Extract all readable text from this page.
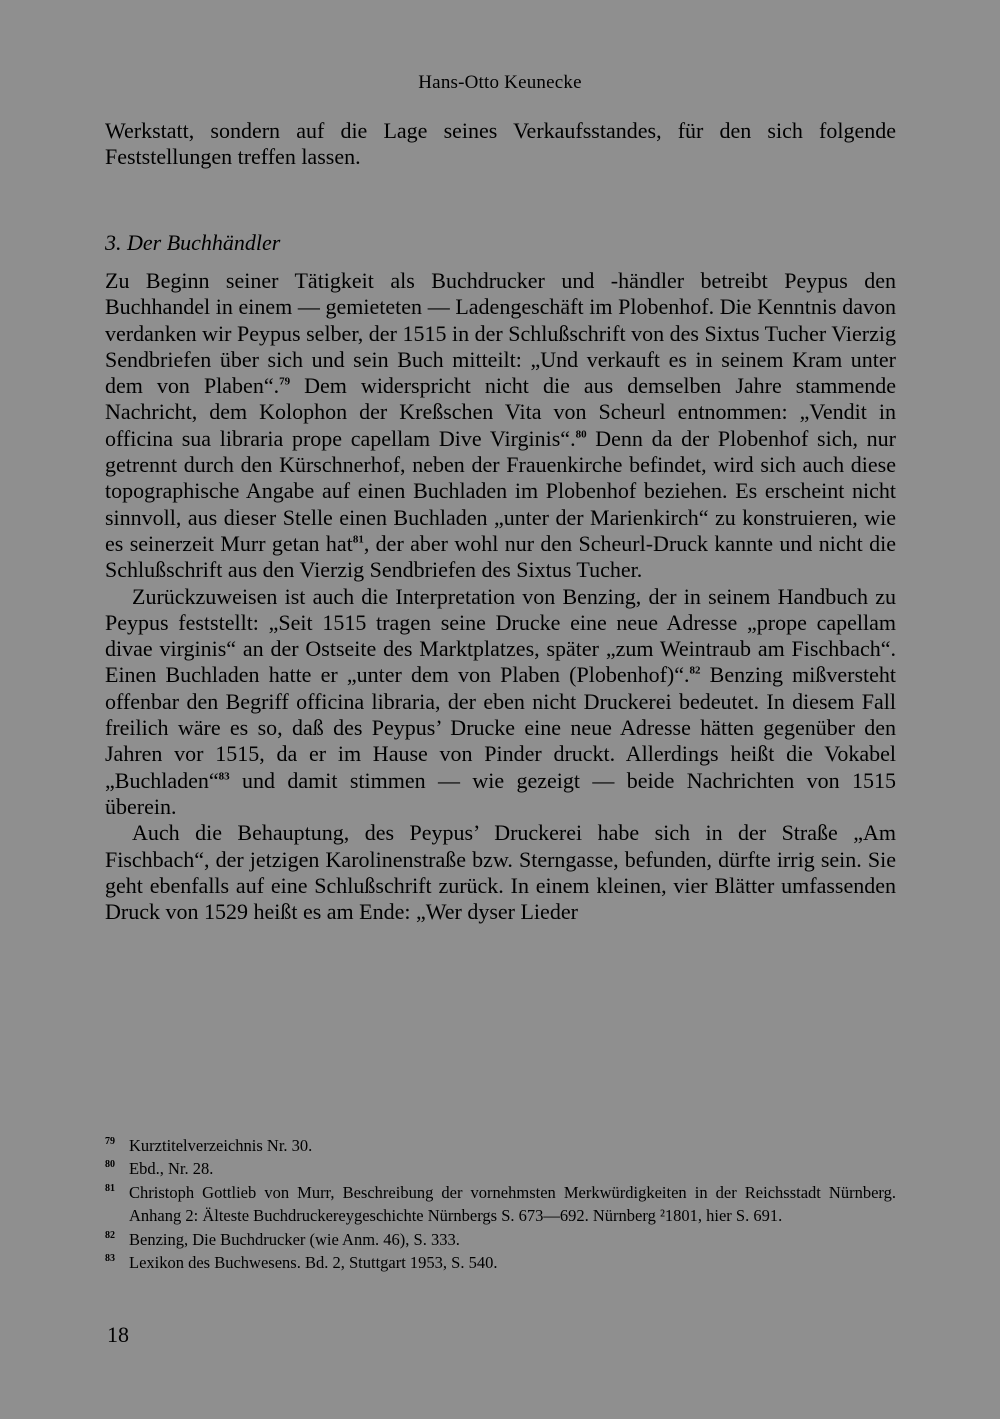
Hans-Otto Keunecke

Werkstatt, sondern auf die Lage seines Verkaufsstandes, für den sich folgende Feststellungen treffen lassen.

3. Der Buchhändler

Zu Beginn seiner Tätigkeit als Buchdrucker und -händler betreibt Peypus den Buchhandel in einem — gemieteten — Ladengeschäft im Plobenhof. Die Kenntnis davon verdanken wir Peypus selber, der 1515 in der Schlußschrift von des Sixtus Tucher Vierzig Sendbriefen über sich und sein Buch mitteilt: „Und verkauft es in seinem Kram unter dem von Plaben“.$^{79}$ Dem widerspricht nicht die aus demselben Jahre stammende Nachricht, dem Kolophon der Kreßschen Vita von Scheurl entnommen: „Vendit in officina sua libraria prope capellam Dive Virginis“.$^{80}$ Denn da der Plobenhof sich, nur getrennt durch den Kürschnerhof, neben der Frauenkirche befindet, wird sich auch diese topographische Angabe auf einen Buchladen im Plobenhof beziehen. Es erscheint nicht sinnvoll, aus dieser Stelle einen Buchladen „unter der Marienkirch“ zu konstruieren, wie es seinerzeit Murr getan hat$^{81}$, der aber wohl nur den Scheurl-Druck kannte und nicht die Schlußschrift aus den Vierzig Sendbriefen des Sixtus Tucher.

Zurückzuweisen ist auch die Interpretation von Benzing, der in seinem Handbuch zu Peypus feststellt: „Seit 1515 tragen seine Drucke eine neue Adresse „prope capellam divae virginis“ an der Ostseite des Marktplatzes, später „zum Weintraub am Fischbach“. Einen Buchladen hatte er „unter dem von Plaben (Plobenhof)“.$^{82}$ Benzing mißversteht offenbar den Begriff officina libraria, der eben nicht Druckerei bedeutet. In diesem Fall freilich wäre es so, daß des Peypus’ Drucke eine neue Adresse hätten gegenüber den Jahren vor 1515, da er im Hause von Pinder druckt. Allerdings heißt die Vokabel „Buchladen“$^{83}$ und damit stimmen — wie gezeigt — beide Nachrichten von 1515 überein.

Auch die Behauptung, des Peypus’ Druckerei habe sich in der Straße „Am Fischbach“, der jetzigen Karolinenstraße bzw. Sterngasse, befunden, dürfte irrig sein. Sie geht ebenfalls auf eine Schlußschrift zurück. In einem kleinen, vier Blätter umfassenden Druck von 1529 heißt es am Ende: „Wer dyser Lieder

79 Kurztitelverzeichnis Nr. 30.
80 Ebd., Nr. 28.
81 Christoph Gottlieb von Murr, Beschreibung der vornehmsten Merkwürdigkeiten in der Reichsstadt Nürnberg. Anhang 2: Älteste Buchdruckereygeschichte Nürnbergs S. 673—692. Nürnberg ²1801, hier S. 691.
82 Benzing, Die Buchdrucker (wie Anm. 46), S. 333.
83 Lexikon des Buchwesens. Bd. 2, Stuttgart 1953, S. 540.
18
